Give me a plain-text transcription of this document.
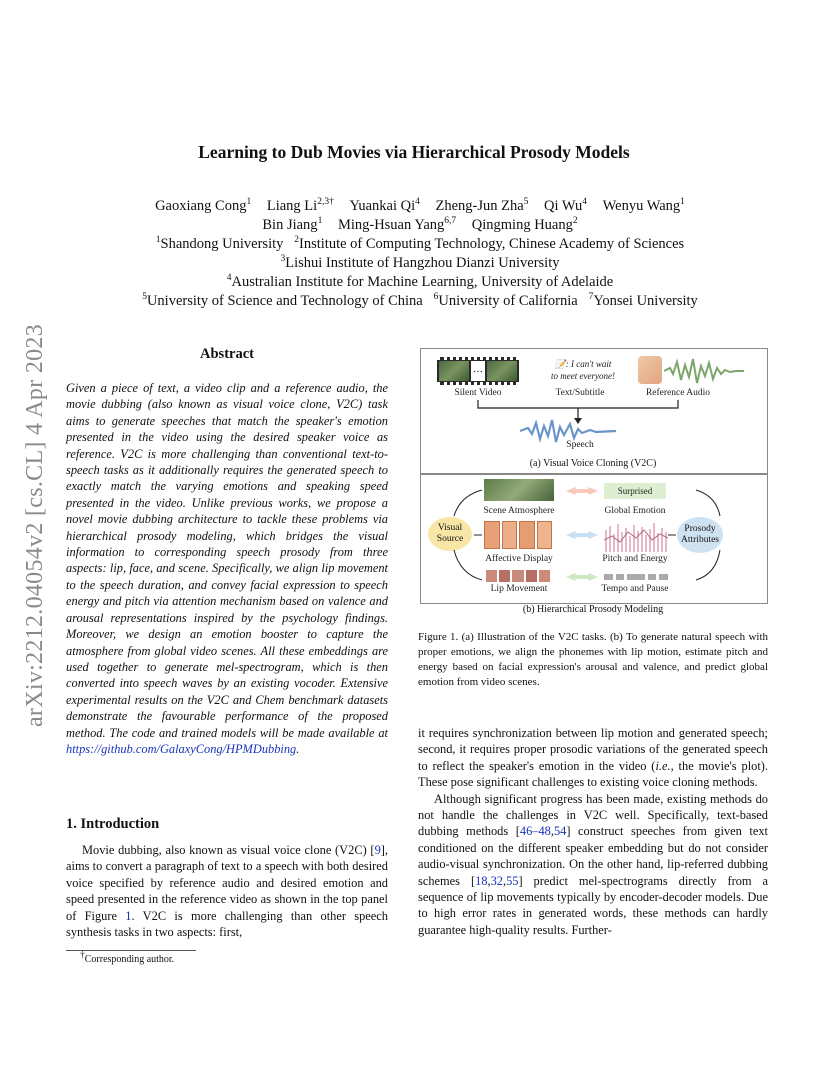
arXiv:2212.04054v2 [cs.CL] 4 Apr 2023
Learning to Dub Movies via Hierarchical Prosody Models
Gaoxiang Cong$^1$ Liang $Li^{2,3\dagger}$ Yuankai Qi$^4$ Zheng-Jun Zha$^5$ Qi Wu$^4$ Wenyu Wang$^1$
Bin Jiang$^1$ Ming-Hsuan Yang$^{6,7}$ Qingming Huang$^2$
$^1$Shandong University $^2$Institute of Computing Technology, Chinese Academy of Sciences
$^3$Lishui Institute of Hangzhou Dianzi University
$^4$Australian Institute for Machine Learning, University of Adelaide
$^5$University of Science and Technology of China $^6$University of California $^7$Yonsei University
Abstract
Given a piece of text, a video clip and a reference audio, the movie dubbing (also known as visual voice clone, V2C) task aims to generate speeches that match the speaker's emotion presented in the video using the desired speaker voice as reference. V2C is more challenging than conventional text-to-speech tasks as it additionally requires the generated speech to exactly match the varying emotions and speaking speed presented in the video. Unlike previous works, we propose a novel movie dubbing architecture to tackle these problems via hierarchical prosody modeling, which bridges the visual information to corresponding speech prosody from three aspects: lip, face, and scene. Specifically, we align lip movement to the speech duration, and convey facial expression to speech energy and pitch via attention mechanism based on valence and arousal representations inspired by the psychology findings. Moreover, we design an emotion booster to capture the atmosphere from global video scenes. All these embeddings are used together to generate mel-spectrogram, which is then converted into speech waves by an existing vocoder. Extensive experimental results on the V2C and Chem benchmark datasets demonstrate the favourable performance of the proposed method. The code and trained models will be made available at https://github.com/GalaxyCong/HPMDubbing.
1. Introduction

Movie dubbing, also known as visual voice clone (V2C) [9], aims to convert a paragraph of text to a speech with both desired voice specified by reference audio and desired emotion and speed presented in the reference video as shown in the top panel of Figure 1. V2C is more challenging than other speech synthesis tasks in two aspects: first,

†Corresponding author.
…
Silent Video
📝: I can't wait
to meet everyone!
Text/Subtitle	Reference Audio
Speech
(a) Visual Voice Cloning (V2C)
Visual Source
Prosody Attributes
Scene Atmosphere
Affective Display
Lip Movement
Surprised
Global Emotion
Pitch and Energy
Tempo and Pause
(b) Hierarchical Prosody Modeling
Figure 1. (a) Illustration of the V2C tasks. (b) To generate natural speech with proper emotions, we align the phonemes with lip motion, estimate pitch and energy based on facial expression's arousal and valence, and predict global emotion from video scenes.

it requires synchronization between lip motion and generated speech; second, it requires proper prosodic variations of the generated speech to reflect the speaker's emotion in the video (i.e., the movie's plot). These pose significant challenges to existing voice cloning methods.

Although significant progress has been made, existing methods do not handle the challenges in V2C well. Specifically, text-based dubbing methods [46–48,54] construct speeches from given text conditioned on the different speaker embedding but do not consider audio-visual synchronization. On the other hand, lip-referred dubbing schemes [18,32,55] predict mel-spectrograms directly from a sequence of lip movements typically by encoder-decoder models. Due to high error rates in generated words, these methods can hardly guarantee high-quality results. Further-
